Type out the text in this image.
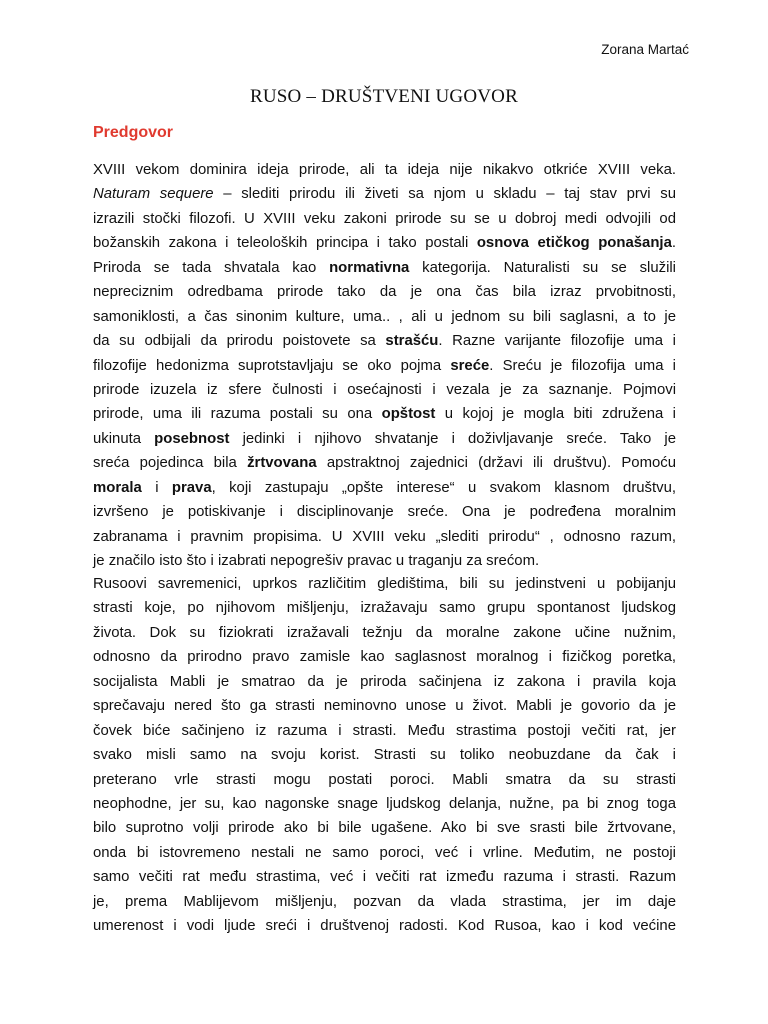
Zorana Martać
RUSO – DRUŠTVENI UGOVOR
Predgovor
XVIII vekom dominira ideja prirode, ali ta ideja nije nikakvo otkriće XVIII veka.
Naturam sequere – slediti prirodu ili živeti sa njom u skladu – taj stav prvi su
izrazili stočki filozofi. U XVIII veku zakoni prirode su se u dobroj medi odvojili od
božanskih zakona i teleoloških principa i tako postali osnova etičkog ponašanja.
Priroda se tada shvatala kao normativna kategorija. Naturalisti su se služili
nepreciznim odredbama prirode tako da je ona čas bila izraz prvobitnosti,
samoniklosti, a čas sinonim kulture, uma.. , ali u jednom su bili saglasni, a to je
da su odbijali da prirodu poistovete sa strašću. Razne varijante filozofije uma i
filozofije hedonizma suprotstavljaju se oko pojma sreće. Sreću je filozofija uma i
prirode izuzela iz sfere čulnosti i osećajnosti i vezala je za saznanje. Pojmovi
prirode, uma ili razuma postali su ona opštost u kojoj je mogla biti združena i
ukinuta posebnost jedinki i njihovo shvatanje i doživljavanje sreće. Tako je
sreća pojedinca bila žrtvovana apstraktnoj zajednici (državi ili društvu). Pomoću
morala i prava, koji zastupaju „opšte interese“ u svakom klasnom društvu,
izvršeno je potiskivanje i disciplinovanje sreće. Ona je podređena moralnim
zabranama i pravnim propisima. U XVIII veku „slediti prirodu“ , odnosno razum,
je značilo isto što i izabrati nepogrešiv pravac u traganju za srećom.
Rusoovi savremenici, uprkos različitim gledištima, bili su jedinstveni u pobijanju
strasti koje, po njihovom mišljenju, izražavaju samo grupu spontanost ljudskog
života. Dok su fiziokrati izražavali težnju da moralne zakone učine nužnim,
odnosno da prirodno pravo zamisle kao saglasnost moralnog i fizičkog poretka,
socijalista Mabli je smatrao da je priroda sačinjena iz zakona i pravila koja
sprečavaju nered što ga strasti neminovno unose u život. Mabli je govorio da je
čovek biće sačinjeno iz razuma i strasti. Među strastima postoji večiti rat, jer
svako misli samo na svoju korist. Strasti su toliko neobuzdane da čak i
preterano vrle strasti mogu postati poroci. Mabli smatra da su strasti
neophodne, jer su, kao nagonske snage ljudskog delanja, nužne, pa bi znog toga
bilo suprotno volji prirode ako bi bile ugašene. Ako bi sve srasti bile žrtvovane,
onda bi istovremeno nestali ne samo poroci, već i vrline. Međutim, ne postoji
samo večiti rat među strastima, već i večiti rat između razuma i strasti. Razum
je, prema Mablijevom mišljenju, pozvan da vlada strastima, jer im daje
umerenost i vodi ljude sreći i društvenoj radosti. Kod Rusoa, kao i kod većine
